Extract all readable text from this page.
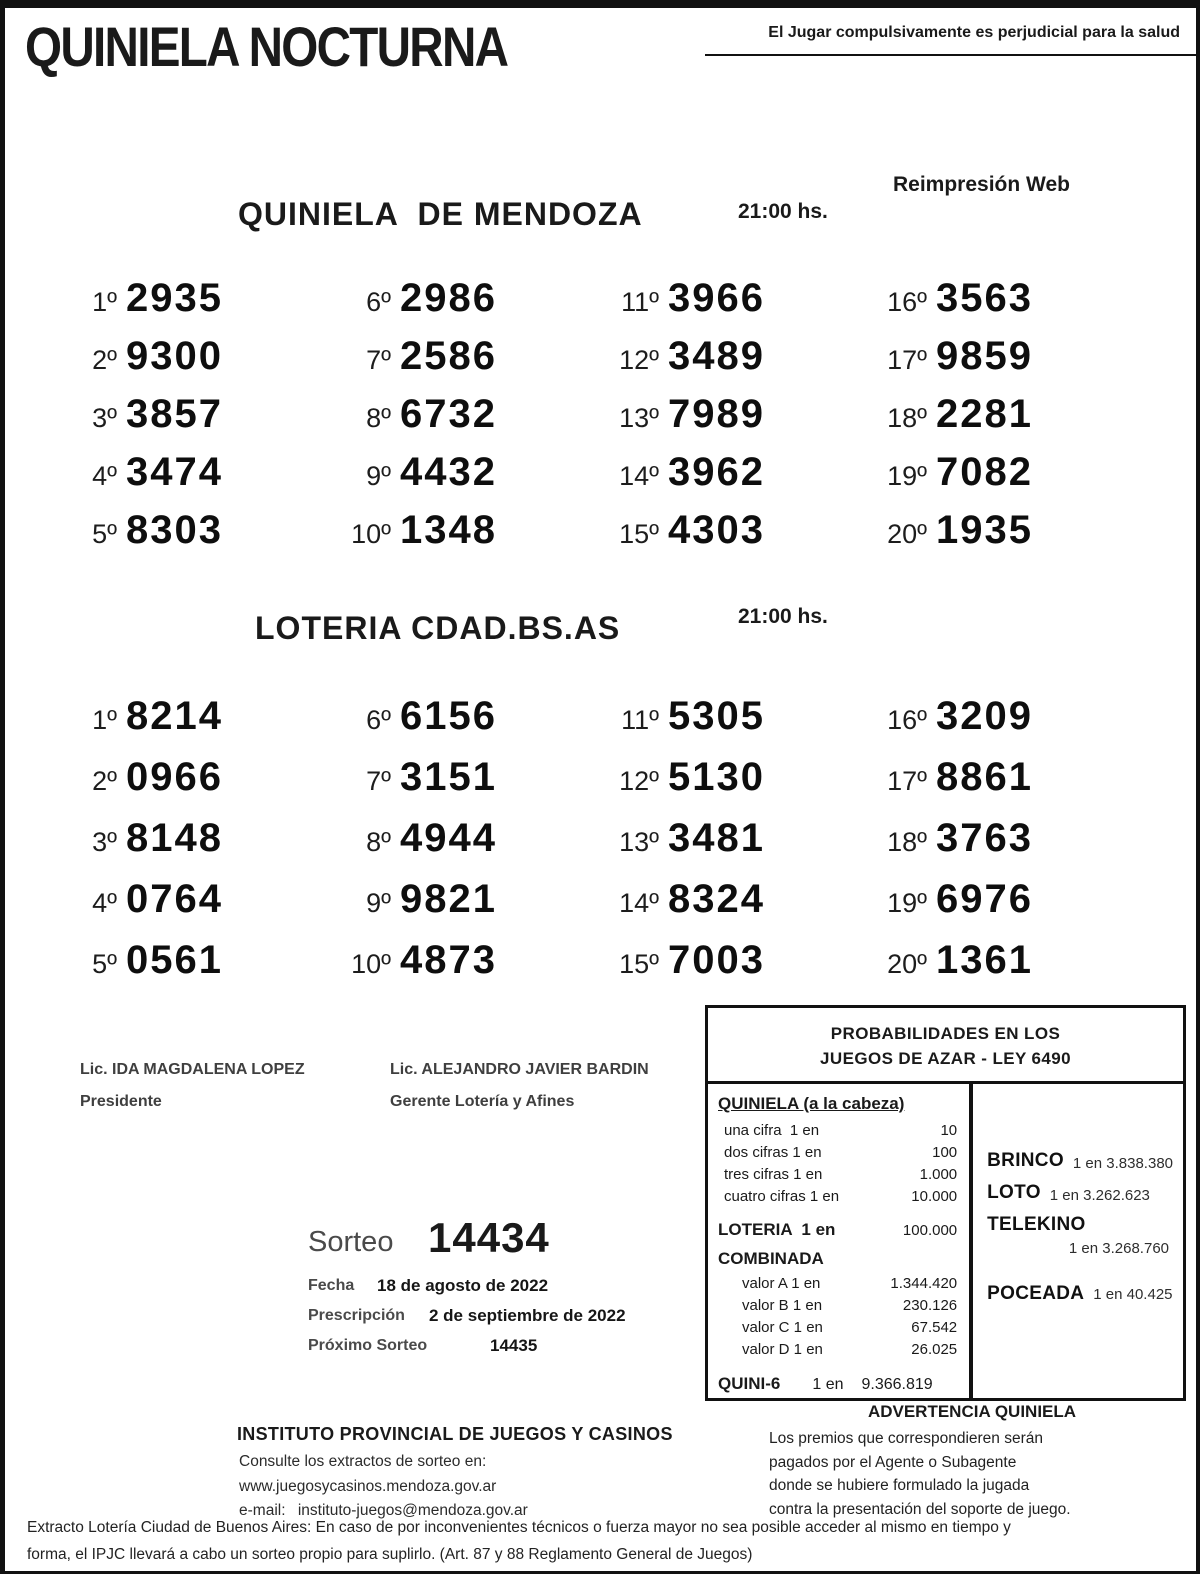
QUINIELA NOCTURNA	El Jugar compulsivamente es perjudicial para la salud
Reimpresión Web
QUINIELA  DE MENDOZA	21:00 hs.
1º 2935
2º 9300
3º 3857
4º 3474
5º 8303
6º 2986
7º 2586
8º 6732
9º 4432
10º 1348
11º 3966
12º 3489
13º 7989
14º 3962
15º 4303
16º 3563
17º 9859
18º 2281
19º 7082
20º 1935
LOTERIA CDAD.BS.AS	21:00 hs.
1º 8214
2º 0966
3º 8148
4º 0764
5º 0561
6º 6156
7º 3151
8º 4944
9º 9821
10º 4873
11º 5305
12º 5130
13º 3481
14º 8324
15º 7003
16º 3209
17º 8861
18º 3763
19º 6976
20º 1361
Lic. IDA MAGDALENA LOPEZ
Presidente
Lic. ALEJANDRO JAVIER BARDIN
Gerente Lotería y Afines
PROBABILIDADES EN LOS
JUEGOS DE AZAR - LEY 6490
QUINIELA (a la cabeza)
una cifra  1 en	10
dos cifras 1 en	100
tres cifras 1 en	1.000
cuatro cifras 1 en	10.000
LOTERIA  1 en	100.000
COMBINADA
valor A 1 en	1.344.420
valor B 1 en	230.126
valor C 1 en	67.542
valor D 1 en	26.025
QUINI-6 1 en 9.366.819
BRINCO 1 en 3.838.380
LOTO 1 en 3.262.623
TELEKINO
1 en 3.268.760
POCEADA 1 en 40.425
Sorteo 14434
Fecha 18 de agosto de 2022
Prescripción 2 de septiembre de 2022
Próximo Sorteo	14435
INSTITUTO PROVINCIAL DE JUEGOS Y CASINOS
Consulte los extractos de sorteo en:
www.juegosycasinos.mendoza.gov.ar
e-mail: instituto-juegos@mendoza.gov.ar
ADVERTENCIA QUINIELA
Los premios que correspondieren serán
pagados por el Agente o Subagente
donde se hubiere formulado la jugada
contra la presentación del soporte de juego.
Extracto Lotería Ciudad de Buenos Aires: En caso de por inconvenientes técnicos o fuerza mayor no sea posible acceder al mismo en tiempo y
forma, el IPJC llevará a cabo un sorteo propio para suplirlo. (Art. 87 y 88 Reglamento General de Juegos)
